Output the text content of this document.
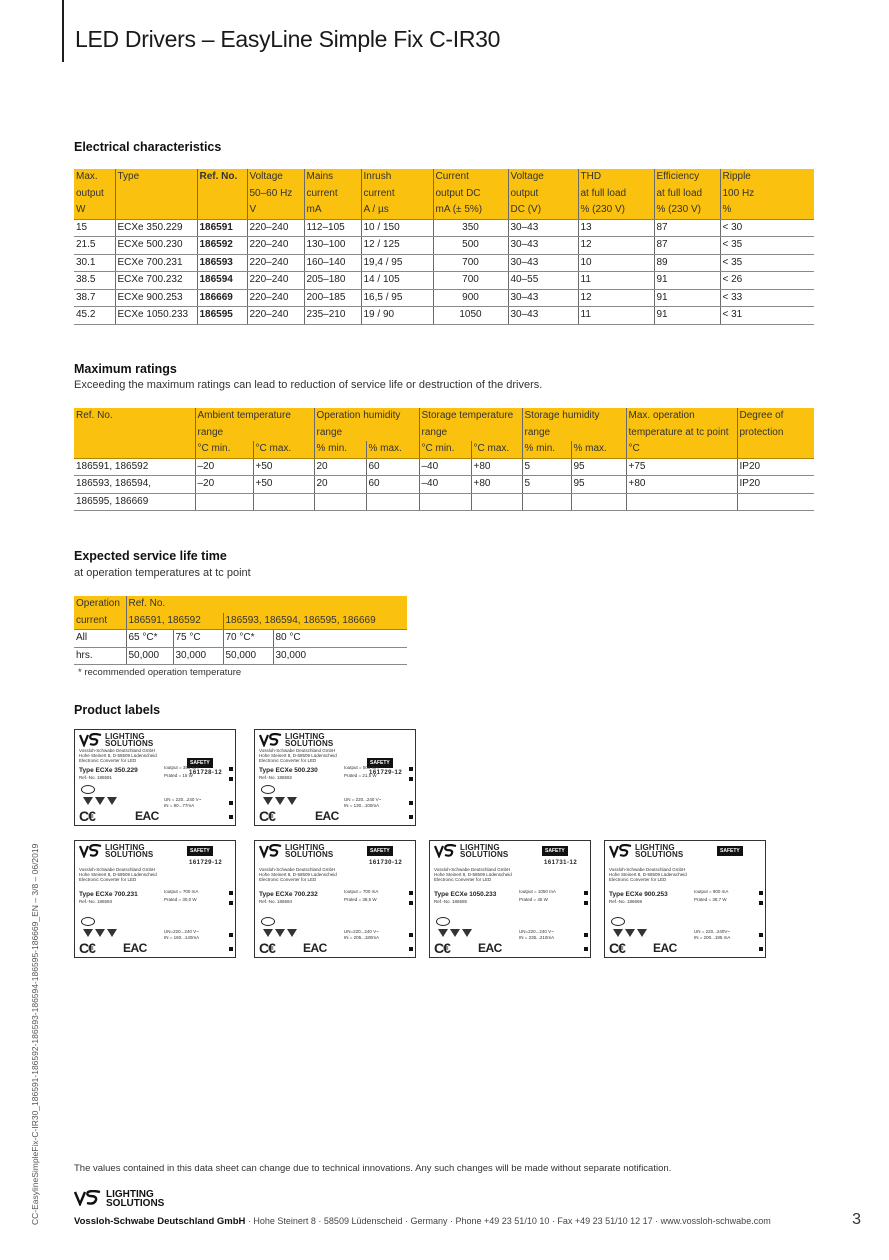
LED Drivers – EasyLine Simple Fix C-IR30
Electrical characteristics
Max.	Type	Ref. No.	Voltage	Mains	Inrush	Current	Voltage	THD	Efficiency	Ripple
output			50–60 Hz	current	current	output DC	output	at full load	at full load	100 Hz
W			V	mA	A / µs	mA (± 5%)	DC (V)	% (230 V)	% (230 V)	%
15	ECXe 350.229	186591	220–240	112–105	10 / 150	350	30–43	13	87	< 30
21.5	ECXe 500.230	186592	220–240	130–100	12 / 125	500	30–43	12	87	< 35
30.1	ECXe 700.231	186593	220–240	160–140	19,4 / 95	700	30–43	10	89	< 35
38.5	ECXe 700.232	186594	220–240	205–180	14 / 105	700	40–55	11	91	< 26
38.7	ECXe 900.253	186669	220–240	200–185	16,5 / 95	900	30–43	12	91	< 33
45.2	ECXe 1050.233	186595	220–240	235–210	19 / 90	1050	30–43	11	91	< 31
Maximum ratings
Exceeding the maximum ratings can lead to reduction of service life or destruction of the drivers.
Ref. No.	Ambient temperature		Operation humidity		Storage temperature		Storage humidity		Max. operation	Degree of
	range		range		range		range		temperature at tc point	protection
	°C min.	°C max.	% min.	% max.	°C min.	°C max.	% min.	% max.	°C	
186591, 186592	–20	+50	20	60	–40	+80	5	95	+75	IP20
186593, 186594,	–20	+50	20	60	–40	+80	5	95	+80	IP20
186595, 186669										
Expected service life time
at operation temperatures at tc point
Operation	Ref. No.			
current	186591, 186592		186593, 186594, 186595, 186669	
All	65 °C*	75 °C	70 °C*	80 °C
hrs.	50,000	30,000	50,000	30,000
* recommended operation temperature
Product labels
LIGHTING
SOLUTIONS
SAFETY
161728-12
Vossloh-Schwabe Deutschland GmbH
Hohe Steinert 8, D-58509 Lüdenscheid
Electronic Converter for LED
Type ECXe 350.229
Ref.-No. 186591
Ioutput = 350 mA
Prated = 15 W
UN = 220...240 V~
IN = 90...77mA
C€	EAC
LIGHTING
SOLUTIONS
SAFETY
161729-12
Vossloh-Schwabe Deutschland GmbH
Hohe Steinert 8, D-58509 Lüdenscheid
Electronic Converter for LED
Type ECXe 500.230
Ref.-No. 186592
Ioutput = 500 mA
Prated = 21,5 W
UN = 220...240 V~
IN = 130...100mA
C€	EAC
LIGHTING
SOLUTIONS	SAFETY
161729-12
Vossloh-Schwabe Deutschland GmbH
Hohe Steinert 8, D-58509 Lüdenscheid
Electronic Converter for LED
Type ECXe 700.231
Ref.-No. 186593
Ioutput = 700 mA
Prated = 30,0 W
UN=220...240 V~
IN = 160...140mA
C€ EAC
LIGHTING
SOLUTIONS	SAFETY
161730-12
Vossloh-Schwabe Deutschland GmbH
Hohe Steinert 8, D-58509 Lüdenscheid
Electronic Converter for LED
Type ECXe 700.232
Ref.-No. 186594
Ioutput = 700 mA
Prated = 38,5 W
UN=220...240 V~
IN = 205...180mA
C€ EAC
LIGHTING
SOLUTIONS	SAFETY
161731-12
Vossloh-Schwabe Deutschland GmbH
Hohe Steinert 8, D-58509 Lüdenscheid
Electronic Converter for LED
Type ECXe 1050.233
Ref.-No. 186595
Ioutput = 1050 mA
Prated = 45 W
UN=220...240 V~
IN = 235...210mA
C€ EAC
LIGHTING
SOLUTIONS	SAFETY
Vossloh-Schwabe Deutschland GmbH
Hohe Steinert 8, D-58509 Lüdenscheid
Electronic Converter for LED
Type ECXe 900.253
Ref.-No. 186669
Ioutput = 900 mA
Prated = 38,7 W
UN = 220...240V~
IN = 200...185 mA
C€ EAC
The values contained in this data sheet can change due to technical innovations. Any such changes will be made without separate notification.
LIGHTING
SOLUTIONS
Vossloh-Schwabe Deutschland GmbH · Hohe Steinert 8 · 58509 Lüdenscheid · Germany · Phone +49 23 51/10 10 · Fax +49 23 51/10 12 17 · www.vossloh-schwabe.com	3
CC-EasylineSimpleFix-C-IR30_186591-186592-186593-186594-186595-186669_EN – 3/8 – 06/2019
